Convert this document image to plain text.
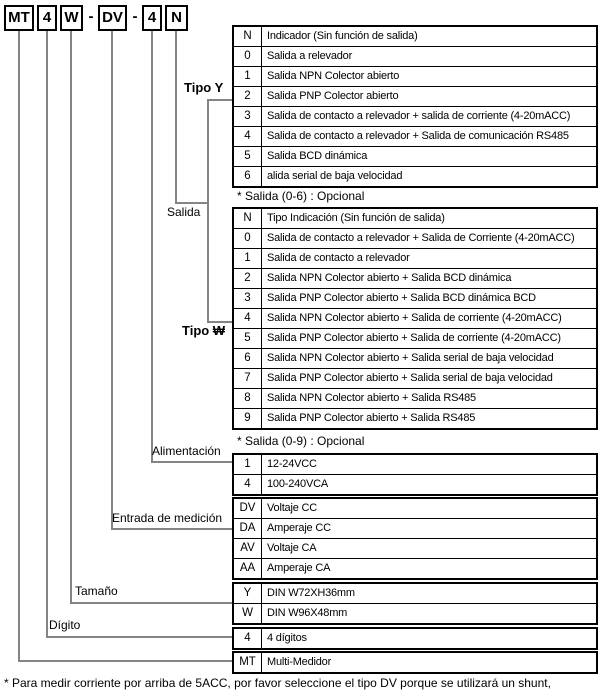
MT 4 W - DV - 4 N
Tipo Y
Salida
Tipo ₩
Alimentación
Entrada de medición
Tamaño
Dígito
N	Indicador (Sin función de salida)
0	Salida a relevador
1	Salida NPN Colector abierto
2	Salida PNP Colector abierto
3	Salida de contacto a relevador + salida de corriente (4-20mACC)
4	Salida de contacto a relevador + Salida de comunicación RS485
5	Salida BCD dinámica
6	alida serial de baja velocidad
* Salida (0-6) : Opcional
N	Tipo Indicación (Sin función de salida)
0	Salida de contacto a relevador + Salida de Corriente (4-20mACC)
1	Salida de contacto a relevador
2	Salida NPN Colector abierto + Salida BCD dinámica
3	Salida PNP Colector abierto + Salida BCD dinámica BCD
4	Salida NPN Colector abierto + Salida de corriente (4-20mACC)
5	Salida PNP Colector abierto + Salida de corriente (4-20mACC)
6	Salida NPN Colector abierto + Salida serial de baja velocidad
7	Salida PNP Colector abierto + Salida serial de baja velocidad
8	Salida NPN Colector abierto + Salida RS485
9	Salida PNP Colector abierto + Salida RS485
* Salida (0-9) : Opcional
1	12-24VCC
4	100-240VCA
DV	Voltaje CC
DA	Amperaje CC
AV	Voltaje CA
AA	Amperaje CA
Y	DIN W72XH36mm
W	DIN W96X48mm
4	4 dígitos
MT	Multi-Medidor
* Para medir corriente por arriba de 5ACC, por favor seleccione el tipo DV porque se utilizará un shunt,
